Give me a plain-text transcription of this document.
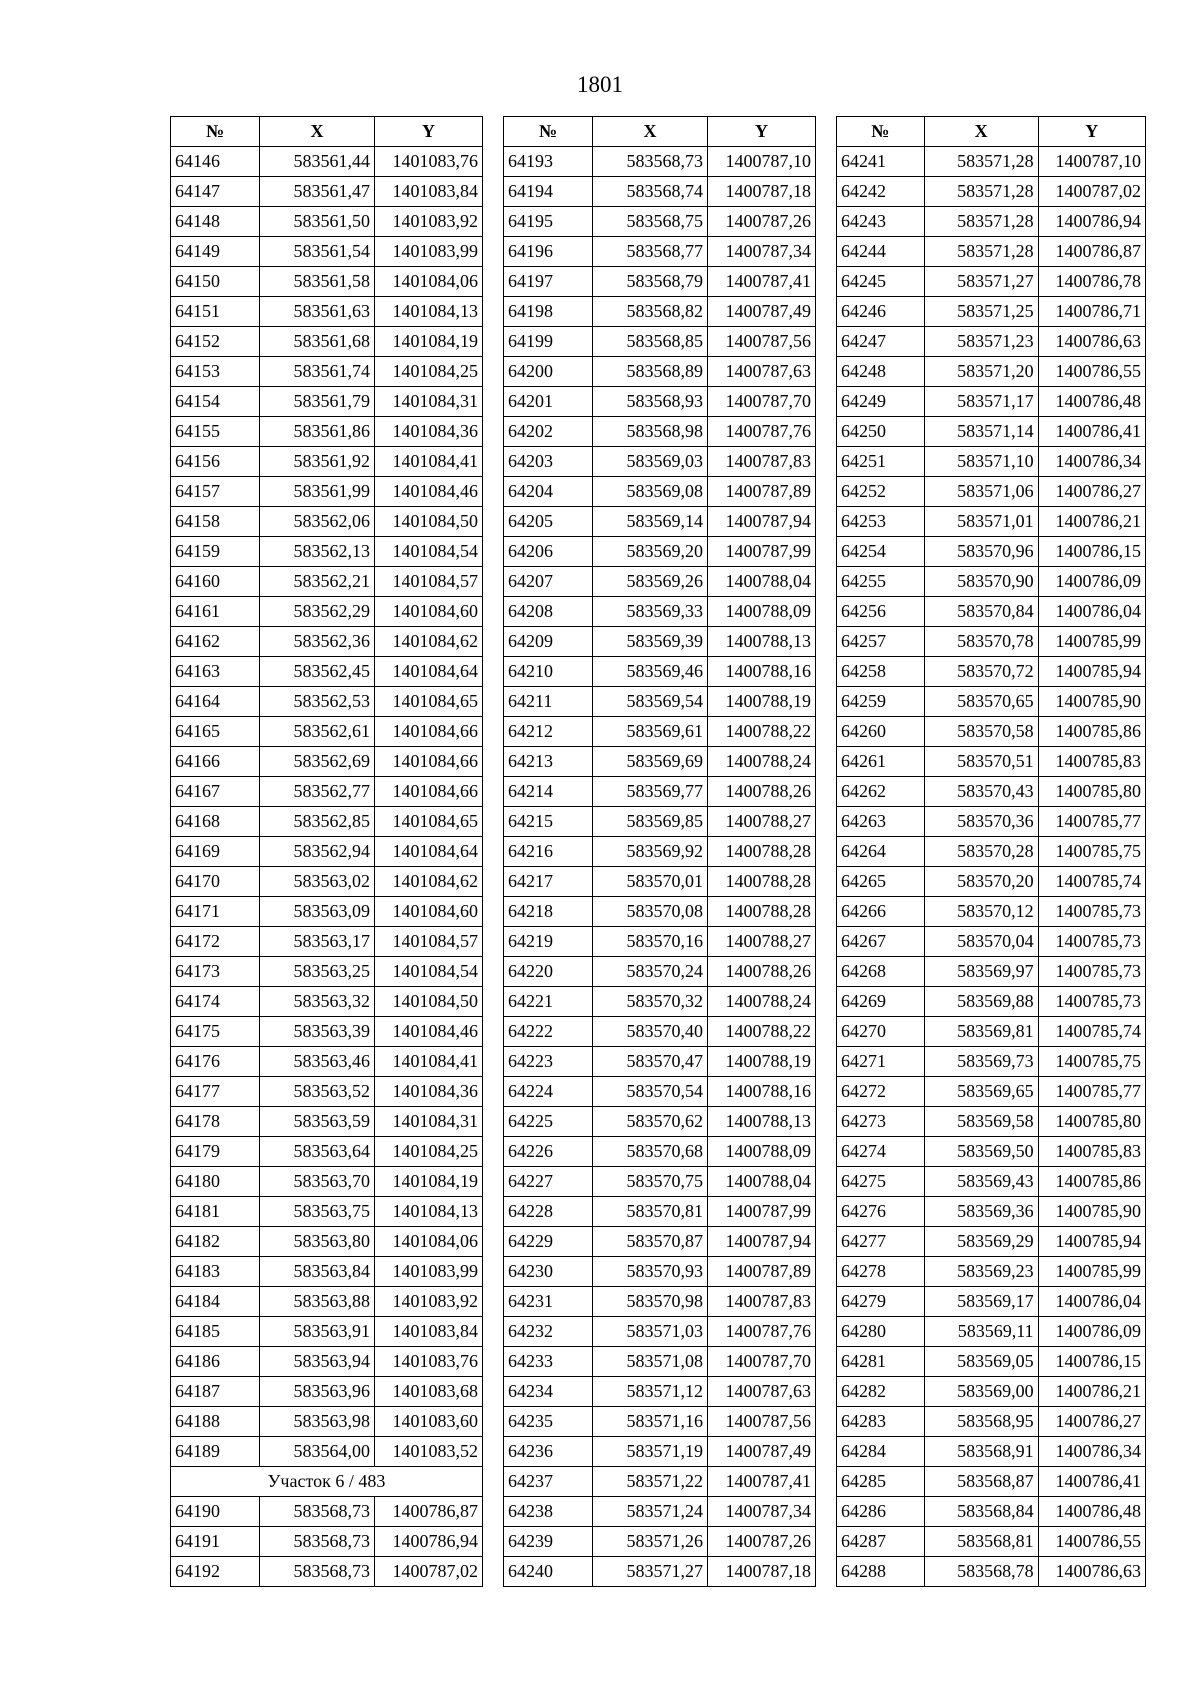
1801
№	X	Y
64146	583561,44	1401083,76
64147	583561,47	1401083,84
64148	583561,50	1401083,92
64149	583561,54	1401083,99
64150	583561,58	1401084,06
64151	583561,63	1401084,13
64152	583561,68	1401084,19
64153	583561,74	1401084,25
64154	583561,79	1401084,31
64155	583561,86	1401084,36
64156	583561,92	1401084,41
64157	583561,99	1401084,46
64158	583562,06	1401084,50
64159	583562,13	1401084,54
64160	583562,21	1401084,57
64161	583562,29	1401084,60
64162	583562,36	1401084,62
64163	583562,45	1401084,64
64164	583562,53	1401084,65
64165	583562,61	1401084,66
64166	583562,69	1401084,66
64167	583562,77	1401084,66
64168	583562,85	1401084,65
64169	583562,94	1401084,64
64170	583563,02	1401084,62
64171	583563,09	1401084,60
64172	583563,17	1401084,57
64173	583563,25	1401084,54
64174	583563,32	1401084,50
64175	583563,39	1401084,46
64176	583563,46	1401084,41
64177	583563,52	1401084,36
64178	583563,59	1401084,31
64179	583563,64	1401084,25
64180	583563,70	1401084,19
64181	583563,75	1401084,13
64182	583563,80	1401084,06
64183	583563,84	1401083,99
64184	583563,88	1401083,92
64185	583563,91	1401083,84
64186	583563,94	1401083,76
64187	583563,96	1401083,68
64188	583563,98	1401083,60
64189	583564,00	1401083,52
Участок 6 / 483		
64190	583568,73	1400786,87
64191	583568,73	1400786,94
64192	583568,73	1400787,02
№	X	Y
64193	583568,73	1400787,10
64194	583568,74	1400787,18
64195	583568,75	1400787,26
64196	583568,77	1400787,34
64197	583568,79	1400787,41
64198	583568,82	1400787,49
64199	583568,85	1400787,56
64200	583568,89	1400787,63
64201	583568,93	1400787,70
64202	583568,98	1400787,76
64203	583569,03	1400787,83
64204	583569,08	1400787,89
64205	583569,14	1400787,94
64206	583569,20	1400787,99
64207	583569,26	1400788,04
64208	583569,33	1400788,09
64209	583569,39	1400788,13
64210	583569,46	1400788,16
64211	583569,54	1400788,19
64212	583569,61	1400788,22
64213	583569,69	1400788,24
64214	583569,77	1400788,26
64215	583569,85	1400788,27
64216	583569,92	1400788,28
64217	583570,01	1400788,28
64218	583570,08	1400788,28
64219	583570,16	1400788,27
64220	583570,24	1400788,26
64221	583570,32	1400788,24
64222	583570,40	1400788,22
64223	583570,47	1400788,19
64224	583570,54	1400788,16
64225	583570,62	1400788,13
64226	583570,68	1400788,09
64227	583570,75	1400788,04
64228	583570,81	1400787,99
64229	583570,87	1400787,94
64230	583570,93	1400787,89
64231	583570,98	1400787,83
64232	583571,03	1400787,76
64233	583571,08	1400787,70
64234	583571,12	1400787,63
64235	583571,16	1400787,56
64236	583571,19	1400787,49
64237	583571,22	1400787,41
64238	583571,24	1400787,34
64239	583571,26	1400787,26
64240	583571,27	1400787,18
№	X	Y
64241	583571,28	1400787,10
64242	583571,28	1400787,02
64243	583571,28	1400786,94
64244	583571,28	1400786,87
64245	583571,27	1400786,78
64246	583571,25	1400786,71
64247	583571,23	1400786,63
64248	583571,20	1400786,55
64249	583571,17	1400786,48
64250	583571,14	1400786,41
64251	583571,10	1400786,34
64252	583571,06	1400786,27
64253	583571,01	1400786,21
64254	583570,96	1400786,15
64255	583570,90	1400786,09
64256	583570,84	1400786,04
64257	583570,78	1400785,99
64258	583570,72	1400785,94
64259	583570,65	1400785,90
64260	583570,58	1400785,86
64261	583570,51	1400785,83
64262	583570,43	1400785,80
64263	583570,36	1400785,77
64264	583570,28	1400785,75
64265	583570,20	1400785,74
64266	583570,12	1400785,73
64267	583570,04	1400785,73
64268	583569,97	1400785,73
64269	583569,88	1400785,73
64270	583569,81	1400785,74
64271	583569,73	1400785,75
64272	583569,65	1400785,77
64273	583569,58	1400785,80
64274	583569,50	1400785,83
64275	583569,43	1400785,86
64276	583569,36	1400785,90
64277	583569,29	1400785,94
64278	583569,23	1400785,99
64279	583569,17	1400786,04
64280	583569,11	1400786,09
64281	583569,05	1400786,15
64282	583569,00	1400786,21
64283	583568,95	1400786,27
64284	583568,91	1400786,34
64285	583568,87	1400786,41
64286	583568,84	1400786,48
64287	583568,81	1400786,55
64288	583568,78	1400786,63
